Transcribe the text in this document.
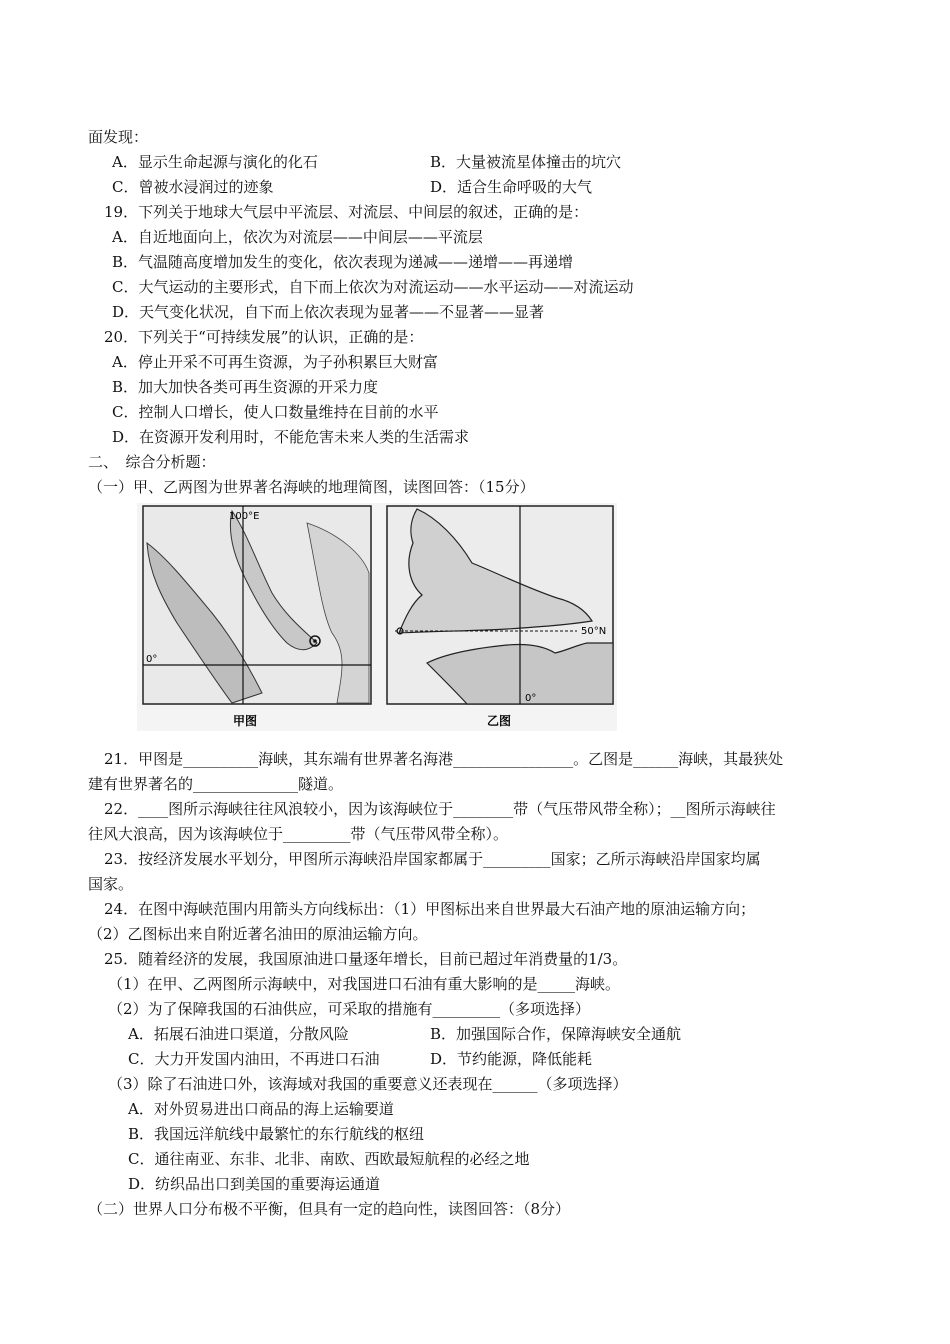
面发现：
A．显示生命起源与演化的化石	B．大量被流星体撞击的坑穴
C．曾被水浸润过的迹象	D．适合生命呼吸的大气
19．下列关于地球大气层中平流层、对流层、中间层的叙述，正确的是：
A．自近地面向上，依次为对流层——中间层——平流层
B．气温随高度增加发生的变化，依次表现为递减——递增——再递增
C．大气运动的主要形式，自下而上依次为对流运动——水平运动——对流运动
D．天气变化状况，自下而上依次表现为显著——不显著——显著
20．下列关于“可持续发展”的认识，正确的是：
A．停止开采不可再生资源，为子孙积累巨大财富
B．加大加快各类可再生资源的开采力度
C．控制人口增长，使人口数量维持在目前的水平
D．在资源开发利用时，不能危害未来人类的生活需求
二、　综合分析题：
（一）甲、乙两图为世界著名海峡的地理简图，读图回答：（15分）
100°E
0°
甲图
50°N
0°
乙图
21．甲图是__________海峡，其东端有世界著名海港________________。乙图是______海峡，其最狭处
建有世界著名的______________隧道。
22．____图所示海峡往往风浪较小，因为该海峡位于________带（气压带风带全称）；__图所示海峡往
往风大浪高，因为该海峡位于_________带（气压带风带全称）。
23．按经济发展水平划分，甲图所示海峡沿岸国家都属于_________国家；乙所示海峡沿岸国家均属
国家。
24．在图中海峡范围内用箭头方向线标出：（1）甲图标出来自世界最大石油产地的原油运输方向；
（2）乙图标出来自附近著名油田的原油运输方向。
25．随着经济的发展，我国原油进口量逐年增长，目前已超过年消费量的1/3。
（1）在甲、乙两图所示海峡中，对我国进口石油有重大影响的是_____海峡。
（2）为了保障我国的石油供应，可采取的措施有_________（多项选择）
A．拓展石油进口渠道，分散风险	B．加强国际合作，保障海峡安全通航
C．大力开发国内油田，不再进口石油	D．节约能源，降低能耗
（3）除了石油进口外，该海域对我国的重要意义还表现在______（多项选择）
A．对外贸易进出口商品的海上运输要道
B．我国远洋航线中最繁忙的东行航线的枢纽
C．通往南亚、东非、北非、南欧、西欧最短航程的必经之地
D．纺织品出口到美国的重要海运通道
（二）世界人口分布极不平衡，但具有一定的趋向性，读图回答：（8分）
